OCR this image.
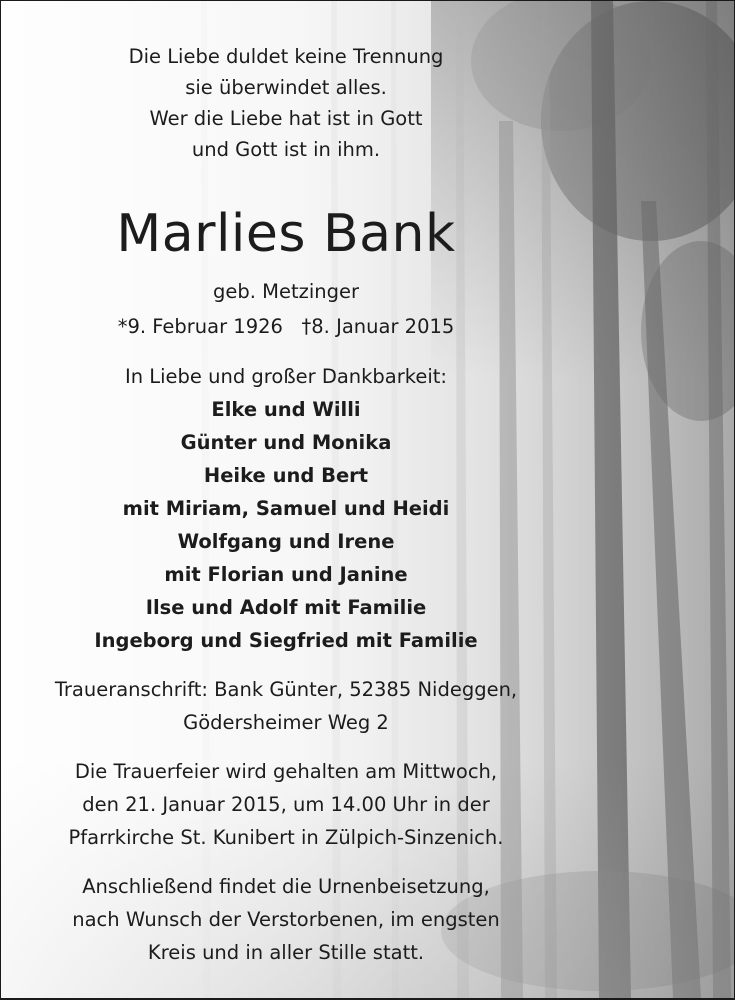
Die Liebe duldet keine Trennung
sie überwindet alles.
Wer die Liebe hat ist in Gott
und Gott ist in ihm.
Marlies Bank
geb. Metzinger
*9. Februar 1926   †8. Januar 2015
In Liebe und großer Dankbarkeit:
Elke und Willi
Günter und Monika
Heike und Bert
mit Miriam, Samuel und Heidi
Wolfgang und Irene
mit Florian und Janine
Ilse und Adolf mit Familie
Ingeborg und Siegfried mit Familie
Traueranschrift: Bank Günter, 52385 Nideggen,
Gödersheimer Weg 2
Die Trauerfeier wird gehalten am Mittwoch,
den 21. Januar 2015, um 14.00 Uhr in der
Pfarrkirche St. Kunibert in Zülpich-Sinzenich.
Anschließend findet die Urnenbeisetzung,
nach Wunsch der Verstorbenen, im engsten
Kreis und in aller Stille statt.
